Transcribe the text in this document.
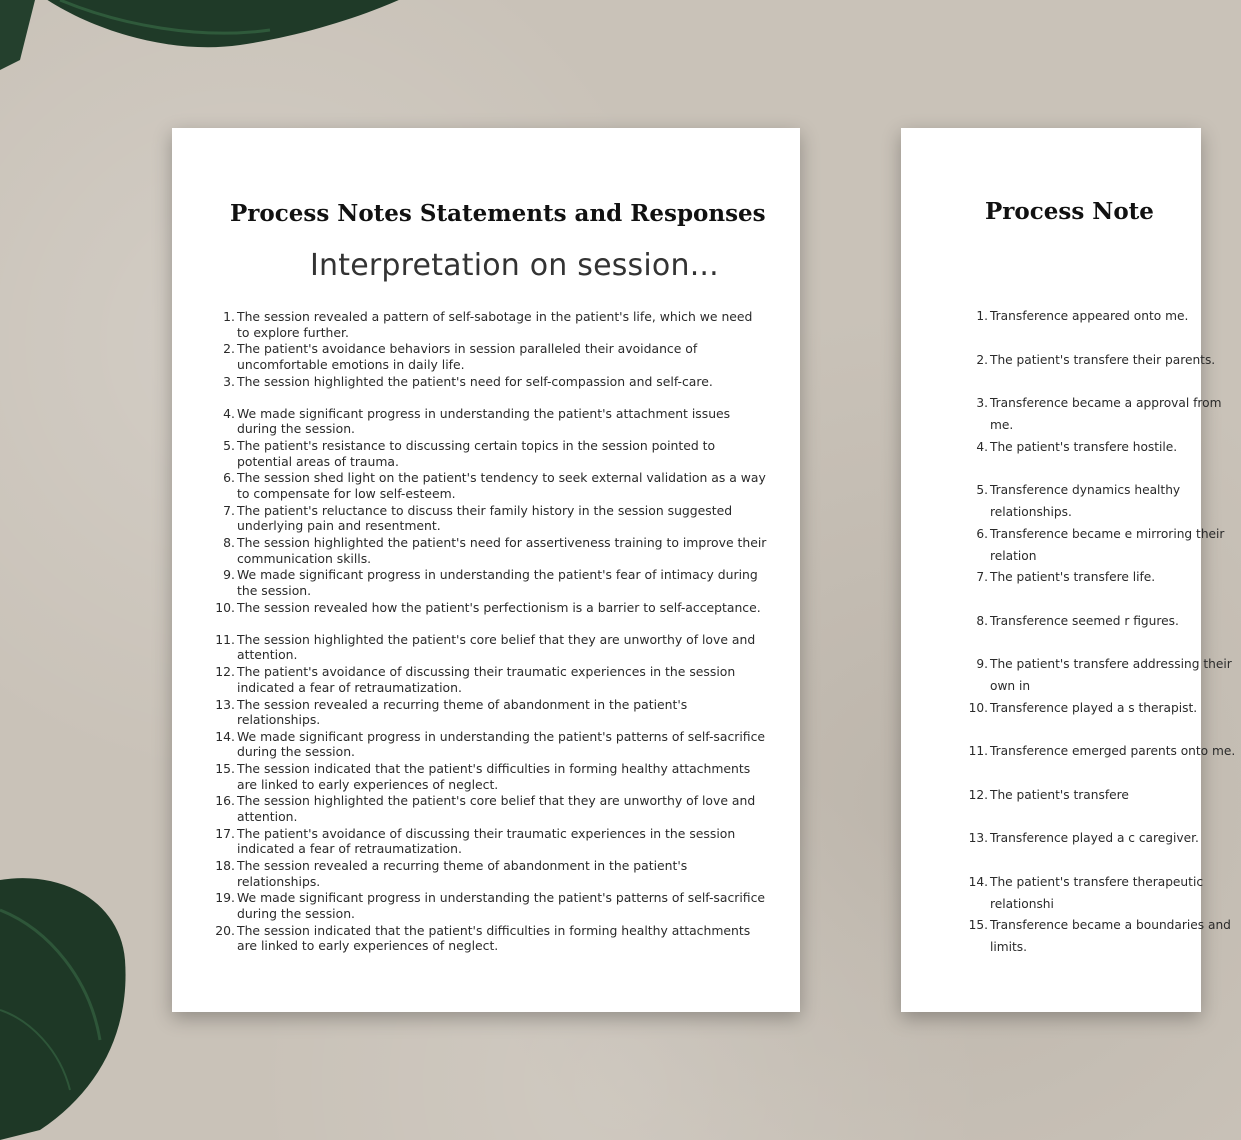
Process Notes Statements and Responses
Interpretation on session...
1. The session revealed a pattern of self-sabotage in the patient's life, which we need to explore further.
2. The patient's avoidance behaviors in session paralleled their avoidance of uncomfortable emotions in daily life.
3. The session highlighted the patient's need for self-compassion and self-care.
4. We made significant progress in understanding the patient's attachment issues during the session.
5. The patient's resistance to discussing certain topics in the session pointed to potential areas of trauma.
6. The session shed light on the patient's tendency to seek external validation as a way to compensate for low self-esteem.
7. The patient's reluctance to discuss their family history in the session suggested underlying pain and resentment.
8. The session highlighted the patient's need for assertiveness training to improve their communication skills.
9. We made significant progress in understanding the patient's fear of intimacy during the session.
10. The session revealed how the patient's perfectionism is a barrier to self-acceptance.
11. The session highlighted the patient's core belief that they are unworthy of love and attention.
12. The patient's avoidance of discussing their traumatic experiences in the session indicated a fear of retraumatization.
13. The session revealed a recurring theme of abandonment in the patient's relationships.
14. We made significant progress in understanding the patient's patterns of self-sacrifice during the session.
15. The session indicated that the patient's difficulties in forming healthy attachments are linked to early experiences of neglect.
16. The session highlighted the patient's core belief that they are unworthy of love and attention.
17. The patient's avoidance of discussing their traumatic experiences in the session indicated a fear of retraumatization.
18. The session revealed a recurring theme of abandonment in the patient's relationships.
19. We made significant progress in understanding the patient's patterns of self-sacrifice during the session.
20. The session indicated that the patient's difficulties in forming healthy attachments are linked to early experiences of neglect.
Process Note
1. Transference appeared onto me.
2. The patient's transfere their parents.
3. Transference became a approval from me.
4. The patient's transfere hostile.
5. Transference dynamics healthy relationships.
6. Transference became e mirroring their relation
7. The patient's transfere life.
8. Transference seemed r figures.
9. The patient's transfere addressing their own in
10. Transference played a s therapist.
11. Transference emerged parents onto me.
12. The patient's transfere
13. Transference played a c caregiver.
14. The patient's transfere therapeutic relationshi
15. Transference became a boundaries and limits.
